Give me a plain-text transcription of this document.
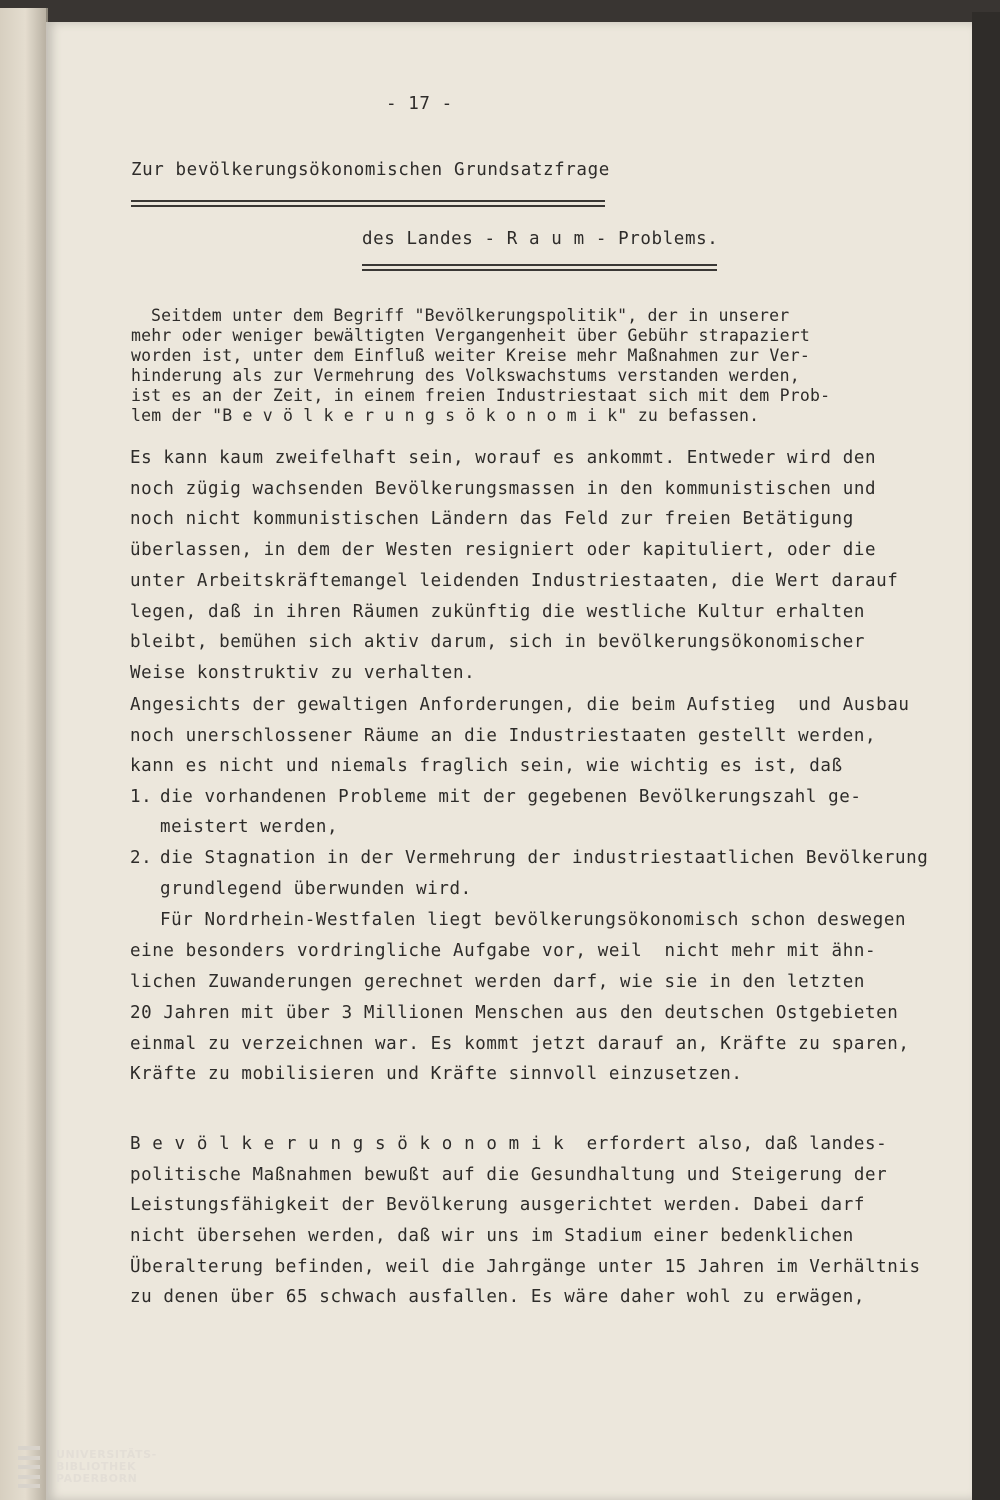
- 17 -
Zur bevölkerungsökonomischen Grundsatzfrage
des Landes - R a u m - Problems.
Seitdem unter dem Begriff "Bevölkerungspolitik", der in unserer
mehr oder weniger bewältigten Vergangenheit über Gebühr strapaziert
worden ist, unter dem Einfluß weiter Kreise mehr Maßnahmen zur Ver-
hinderung als zur Vermehrung des Volkswachstums verstanden werden,
ist es an der Zeit, in einem freien Industriestaat sich mit dem Prob-
lem der "B e v ö l k e r u n g s ö k o n o m i k" zu befassen.
Es kann kaum zweifelhaft sein, worauf es ankommt. Entweder wird den
noch zügig wachsenden Bevölkerungsmassen in den kommunistischen und
noch nicht kommunistischen Ländern das Feld zur freien Betätigung
überlassen, in dem der Westen resigniert oder kapituliert, oder die
unter Arbeitskräftemangel leidenden Industriestaaten, die Wert darauf
legen, daß in ihren Räumen zukünftig die westliche Kultur erhalten
bleibt, bemühen sich aktiv darum, sich in bevölkerungsökonomischer
Weise konstruktiv zu verhalten.
Angesichts der gewaltigen Anforderungen, die beim Aufstieg  und Ausbau
noch unerschlossener Räume an die Industriestaaten gestellt werden,
kann es nicht und niemals fraglich sein, wie wichtig es ist, daß
1. die vorhandenen Probleme mit der gegebenen Bevölkerungszahl ge-
meistert werden,
2. die Stagnation in der Vermehrung der industriestaatlichen Bevölkerung
grundlegend überwunden wird.
Für Nordrhein-Westfalen liegt bevölkerungsökonomisch schon deswegen
eine besonders vordringliche Aufgabe vor, weil  nicht mehr mit ähn-
lichen Zuwanderungen gerechnet werden darf, wie sie in den letzten
20 Jahren mit über 3 Millionen Menschen aus den deutschen Ostgebieten
einmal zu verzeichnen war. Es kommt jetzt darauf an, Kräfte zu sparen,
Kräfte zu mobilisieren und Kräfte sinnvoll einzusetzen.
B e v ö l k e r u n g s ö k o n o m i k  erfordert also, daß landes-
politische Maßnahmen bewußt auf die Gesundhaltung und Steigerung der
Leistungsfähigkeit der Bevölkerung ausgerichtet werden. Dabei darf
nicht übersehen werden, daß wir uns im Stadium einer bedenklichen
Überalterung befinden, weil die Jahrgänge unter 15 Jahren im Verhältnis
zu denen über 65 schwach ausfallen. Es wäre daher wohl zu erwägen,
UNIVERSITÄTS-
BIBLIOTHEK
PADERBORN
